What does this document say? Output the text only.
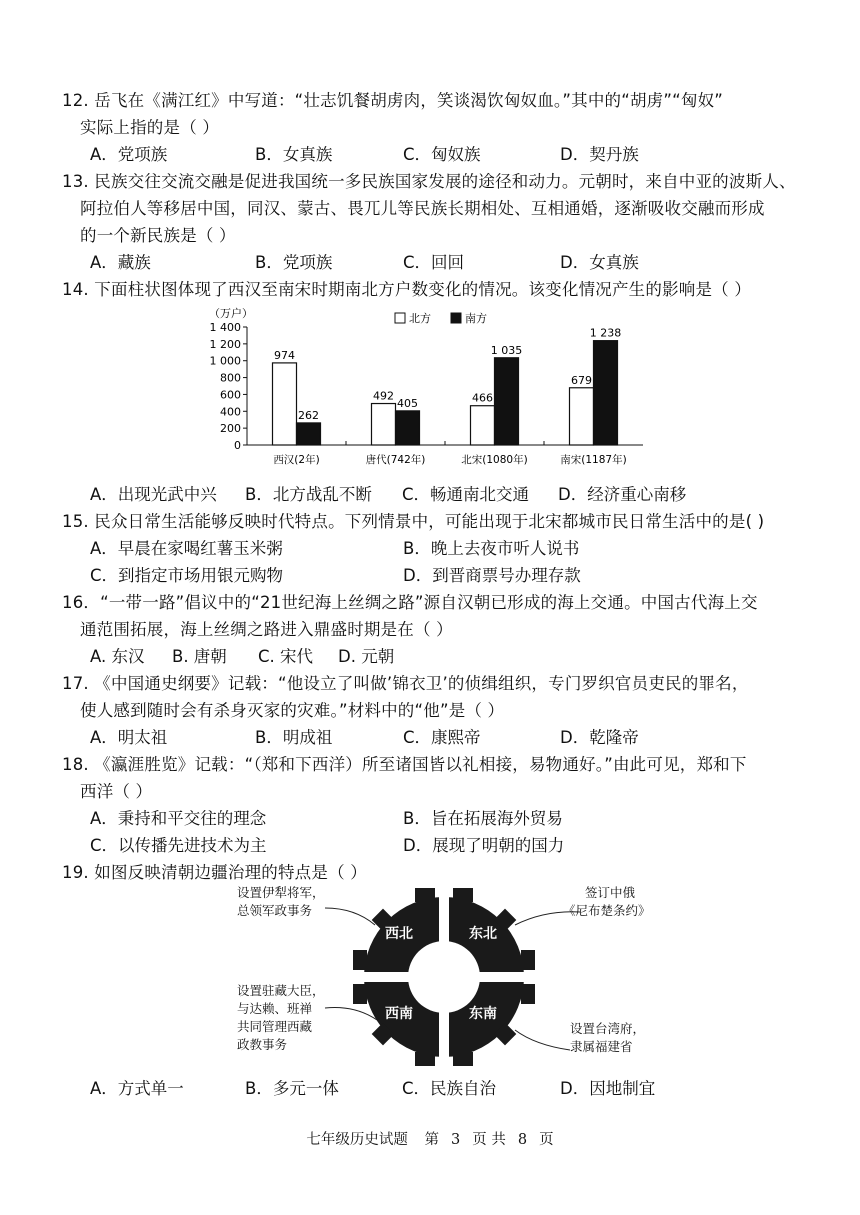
12. 岳飞在《满江红》中写道：“壮志饥餐胡虏肉，笑谈渴饮匈奴血。”其中的“胡虏”“匈奴”
实际上指的是（ ）
A．党项族	B．女真族	C．匈奴族	D．契丹族
13. 民族交往交流交融是促进我国统一多民族国家发展的途径和动力。元朝时，来自中亚的波斯人、
阿拉伯人等移居中国，同汉、蒙古、畏兀儿等民族长期相处、互相通婚，逐渐吸收交融而形成
的一个新民族是（ ）
A．藏族	B．党项族	C．回回	D．女真族
14. 下面柱状图体现了西汉至南宋时期南北方户数变化的情况。该变化情况产生的影响是（ ）
（万户）
0
200
400
600
800
1 000
1 200
1 400
北方	南方
974
262
西汉(2年)
492
405
唐代(742年)
466
1 035
北宋(1080年)
679
1 238
南宋(1187年)
A．出现光武中兴 B．北方战乱不断 C．畅通南北交通 D．经济重心南移
15. 民众日常生活能够反映时代特点。下列情景中，可能出现于北宋都城市民日常生活中的是( )
A．早晨在家喝红薯玉米粥	B．晚上去夜市听人说书
C．到指定市场用银元购物	D．到晋商票号办理存款
16．“一带一路”倡议中的“21世纪海上丝绸之路”源自汉朝已形成的海上交通。中国古代海上交
通范围拓展，海上丝绸之路进入鼎盛时期是在（ ）
A. 东汉 B. 唐朝 C. 宋代 D. 元朝
17. 《中国通史纲要》记载：“他设立了叫做’锦衣卫’的侦缉组织，专门罗织官员吏民的罪名，
使人感到随时会有杀身灭家的灾难。”材料中的“他”是（ ）
A．明太祖	B．明成祖	C．康熙帝	D．乾隆帝
18. 《瀛涯胜览》记载：“（郑和下西洋）所至诸国皆以礼相接，易物通好。”由此可见，郑和下
西洋（ ）
A．秉持和平交往的理念	B．旨在拓展海外贸易
C．以传播先进技术为主	D．展现了明朝的国力
19. 如图反映清朝边疆治理的特点是（ ）
西北	东北
西南	东南
设置伊犁将军，
总领军政事务
签订中俄
《尼布楚条约》
设置驻藏大臣，
与达赖、班禅
共同管理西藏
政教事务
设置台湾府，
隶属福建省
A．方式单一	B．多元一体	C．民族自治	D．因地制宜
七年级历史试题 第 3 页 共 8 页
